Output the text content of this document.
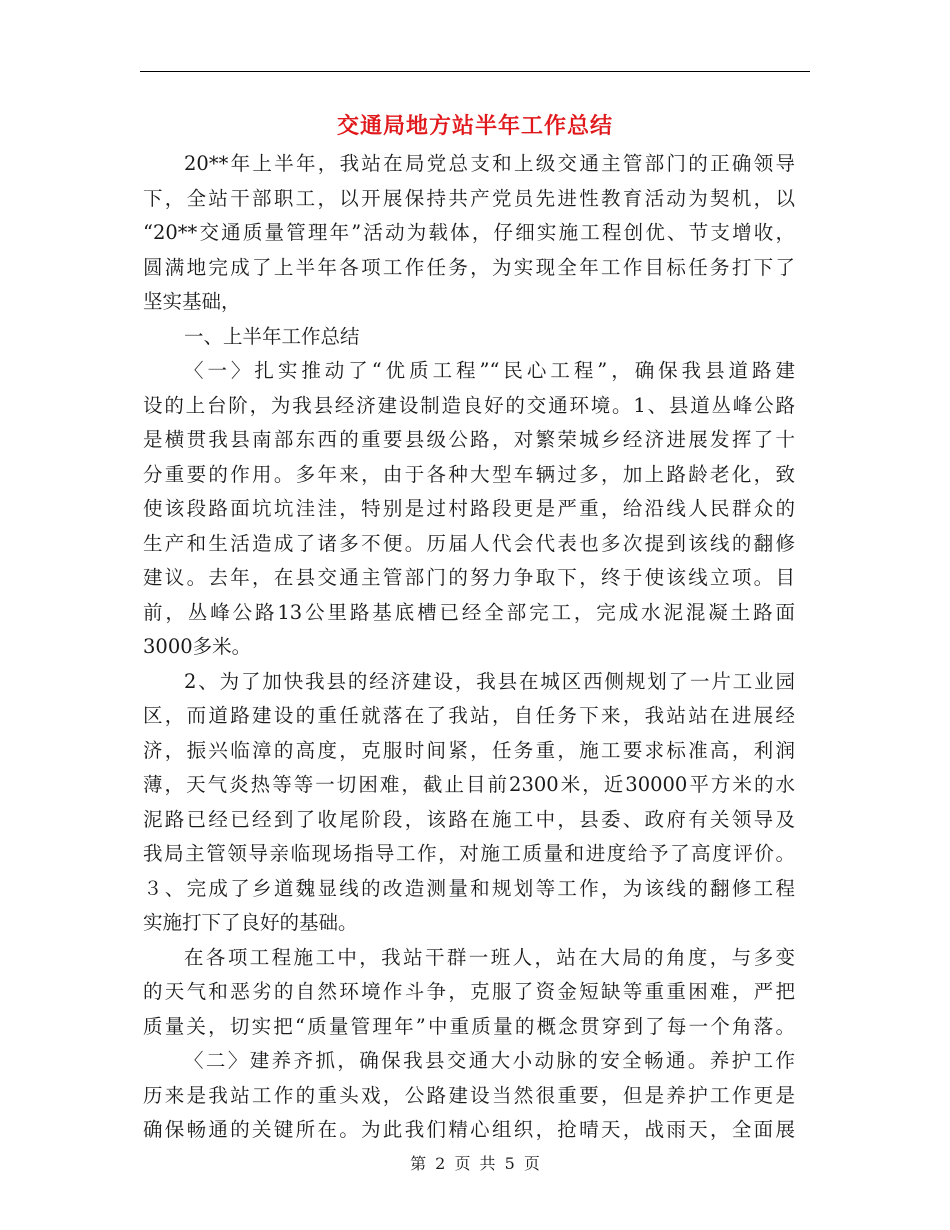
交通局地方站半年工作总结
20**年上半年，我站在局党总支和上级交通主管部门的正确领导
下，全站干部职工，以开展保持共产党员先进性教育活动为契机，以
“20**交通质量管理年”活动为载体，仔细实施工程创优、节支增收，
圆满地完成了上半年各项工作任务，为实现全年工作目标任务打下了
坚实基础，
一、上半年工作总结
〈一〉扎实推动了“优质工程”“民心工程”，确保我县道路建
设的上台阶，为我县经济建设制造良好的交通环境。1、县道丛峰公路
是横贯我县南部东西的重要县级公路，对繁荣城乡经济进展发挥了十
分重要的作用。多年来，由于各种大型车辆过多，加上路龄老化，致
使该段路面坑坑洼洼，特别是过村路段更是严重，给沿线人民群众的
生产和生活造成了诸多不便。历届人代会代表也多次提到该线的翻修
建议。去年，在县交通主管部门的努力争取下，终于使该线立项。目
前，丛峰公路13公里路基底槽已经全部完工，完成水泥混凝土路面
3000多米。
2、为了加快我县的经济建设，我县在城区西侧规划了一片工业园
区，而道路建设的重任就落在了我站，自任务下来，我站站在进展经
济，振兴临漳的高度，克服时间紧，任务重，施工要求标准高，利润
薄，天气炎热等等一切困难，截止目前2300米，近30000平方米的水
泥路已经已经到了收尾阶段，该路在施工中，县委、政府有关领导及
我局主管领导亲临现场指导工作，对施工质量和进度给予了高度评价。
３、完成了乡道魏显线的改造测量和规划等工作，为该线的翻修工程
实施打下了良好的基础。
在各项工程施工中，我站干群一班人，站在大局的角度，与多变
的天气和恶劣的自然环境作斗争，克服了资金短缺等重重困难，严把
质量关，切实把“质量管理年”中重质量的概念贯穿到了每一个角落。
〈二〉建养齐抓，确保我县交通大小动脉的安全畅通。养护工作
历来是我站工作的重头戏，公路建设当然很重要，但是养护工作更是
确保畅通的关键所在。为此我们精心组织，抢晴天，战雨天，全面展
第 2 页 共 5 页
